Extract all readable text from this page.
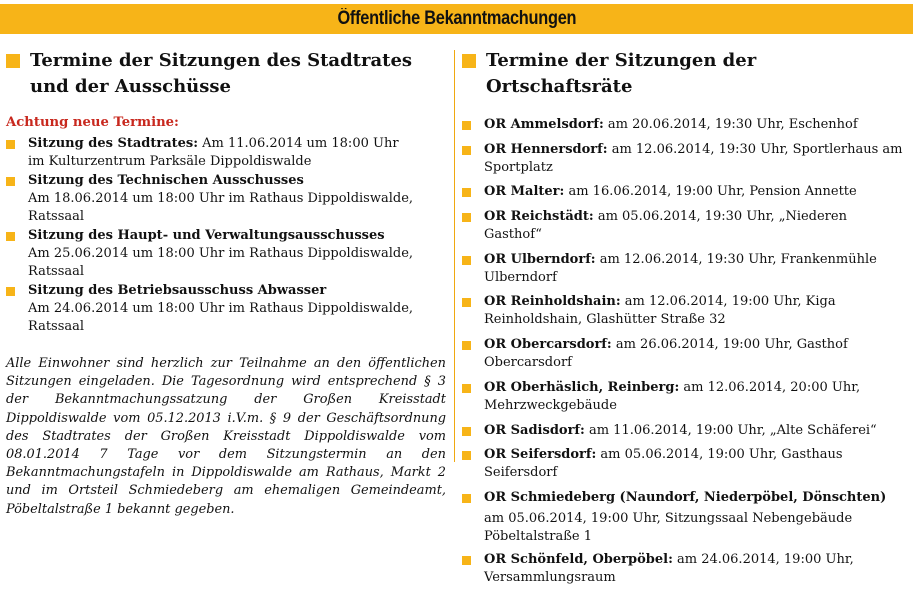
Öffentliche Bekanntmachungen
Termine der Sitzungen des Stadtrates und der Ausschüsse
Achtung neue Termine:
Sitzung des Stadtrates: Am 11.06.2014 um 18:00 Uhr
im Kulturzentrum Parksäle Dippoldiswalde
Sitzung des Technischen Ausschusses
Am 18.06.2014 um 18:00 Uhr im Rathaus Dippoldiswalde, Ratssaal
Sitzung des Haupt- und Verwaltungsausschusses
Am 25.06.2014 um 18:00 Uhr im Rathaus Dippoldiswalde, Ratssaal
Sitzung des Betriebsausschuss Abwasser
Am 24.06.2014 um 18:00 Uhr im Rathaus Dippoldiswalde, Ratssaal
Alle Einwohner sind herzlich zur Teilnahme an den öffentlichen Sitzungen eingeladen. Die Tagesordnung wird entsprechend § 3 der Bekanntmachungssatzung der Großen Kreisstadt Dippoldiswalde vom 05.12.2013 i.V.m. § 9 der Geschäftsordnung des Stadtrates der Großen Kreisstadt Dippoldiswalde vom 08.01.2014 7 Tage vor dem Sitzungstermin an den Bekanntmachungstafeln in Dippoldiswalde am Rathaus, Markt 2 und im Ortsteil Schmiedeberg am ehemaligen Gemeindeamt, Pöbeltalstraße 1 bekannt gegeben.
Termine der Sitzungen der Ortschaftsräte
OR Ammelsdorf: am 20.06.2014, 19:30 Uhr, Eschenhof
OR Hennersdorf: am 12.06.2014, 19:30 Uhr, Sportlerhaus am Sportplatz
OR Malter: am 16.06.2014, 19:00 Uhr, Pension Annette
OR Reichstädt: am 05.06.2014, 19:30 Uhr, „Niederen Gasthof“
OR Ulberndorf: am 12.06.2014, 19:30 Uhr, Frankenmühle Ulberndorf
OR Reinholdshain: am 12.06.2014, 19:00 Uhr, Kiga Reinholdshain, Glashütter Straße 32
OR Obercarsdorf: am 26.06.2014, 19:00 Uhr, Gasthof Obercarsdorf
OR Oberhäslich, Reinberg: am 12.06.2014, 20:00 Uhr, Mehrzweckgebäude
OR Sadisdorf: am 11.06.2014, 19:00 Uhr, „Alte Schäferei“
OR Seifersdorf: am 05.06.2014, 19:00 Uhr, Gasthaus Seifersdorf
OR Schmiedeberg (Naundorf, Niederpöbel, Dönschten)
am 05.06.2014, 19:00 Uhr, Sitzungssaal Nebengebäude Pöbeltalstraße 1
OR Schönfeld, Oberpöbel: am 24.06.2014, 19:00 Uhr, Versammlungsraum
